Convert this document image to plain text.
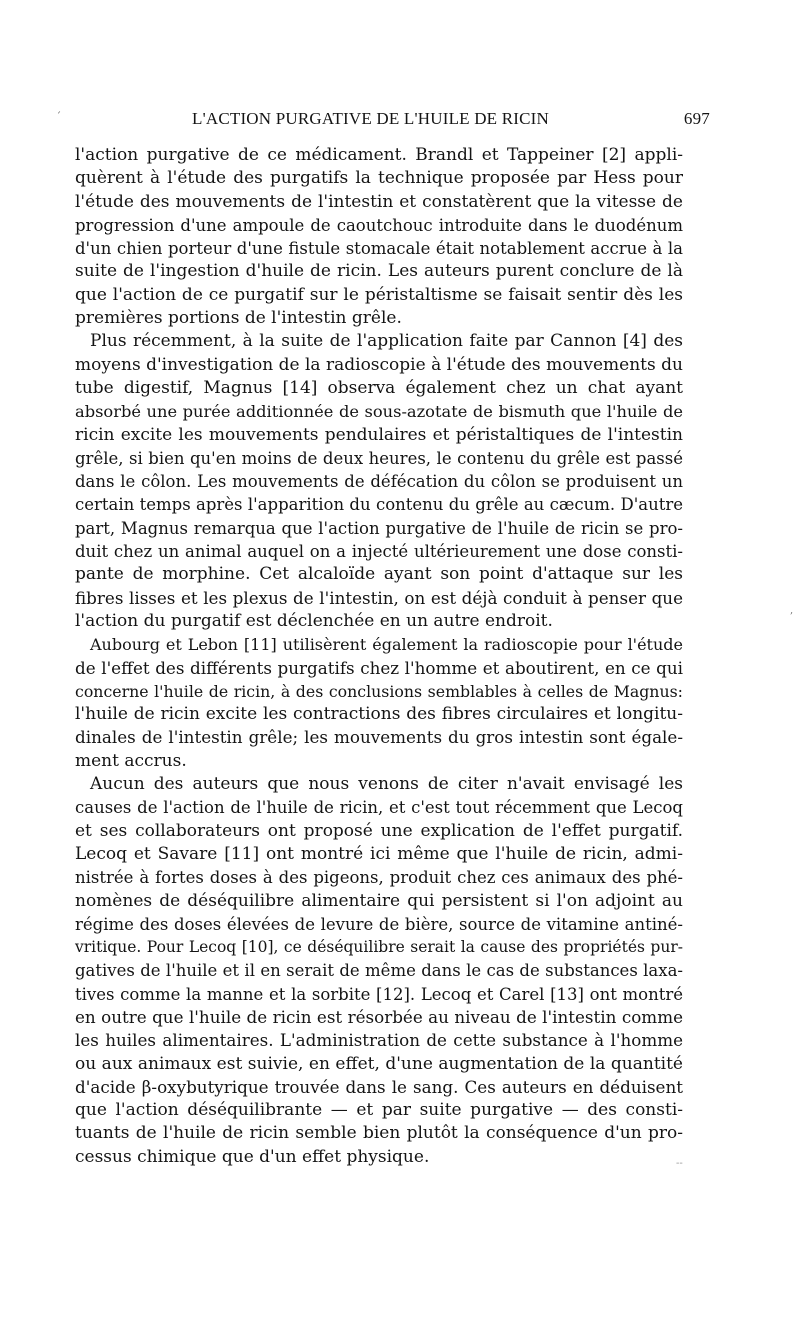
´	L'ACTION PURGATIVE DE L'HUILE DE RICIN	697
l'action purgative de ce médicament. Brandl et Tappeiner [2] appli-
quèrent à l'étude des purgatifs la technique proposée par Hess pour
l'étude des mouvements de l'intestin et constatèrent que la vitesse de
progression d'une ampoule de caoutchouc introduite dans le duodénum
d'un chien porteur d'une fistule stomacale était notablement accrue à la
suite de l'ingestion d'huile de ricin. Les auteurs purent conclure de là
que l'action de ce purgatif sur le péristaltisme se faisait sentir dès les
premières portions de l'intestin grêle.
Plus récemment, à la suite de l'application faite par Cannon [4] des
moyens d'investigation de la radioscopie à l'étude des mouvements du
tube digestif, Magnus [14] observa également chez un chat ayant
absorbé une purée additionnée de sous-azotate de bismuth que l'huile de
ricin excite les mouvements pendulaires et péristaltiques de l'intestin
grêle, si bien qu'en moins de deux heures, le contenu du grêle est passé
dans le côlon. Les mouvements de défécation du côlon se produisent un
certain temps après l'apparition du contenu du grêle au cæcum. D'autre
part, Magnus remarqua que l'action purgative de l'huile de ricin se pro-
duit chez un animal auquel on a injecté ultérieurement une dose consti-
pante de morphine. Cet alcaloïde ayant son point d'attaque sur les
fibres lisses et les plexus de l'intestin, on est déjà conduit à penser que
l'action du purgatif est déclenchée en un autre endroit.
Aubourg et Lebon [11] utilisèrent également la radioscopie pour l'étude
de l'effet des différents purgatifs chez l'homme et aboutirent, en ce qui
concerne l'huile de ricin, à des conclusions semblables à celles de Magnus:
l'huile de ricin excite les contractions des fibres circulaires et longitu-
dinales de l'intestin grêle; les mouvements du gros intestin sont égale-
ment accrus.
Aucun des auteurs que nous venons de citer n'avait envisagé les
causes de l'action de l'huile de ricin, et c'est tout récemment que Lecoq
et ses collaborateurs ont proposé une explication de l'effet purgatif.
Lecoq et Savare [11] ont montré ici même que l'huile de ricin, admi-
nistrée à fortes doses à des pigeons, produit chez ces animaux des phé-
nomènes de déséquilibre alimentaire qui persistent si l'on adjoint au
régime des doses élevées de levure de bière, source de vitamine antiné-
vritique. Pour Lecoq [10], ce déséquilibre serait la cause des propriétés pur-
gatives de l'huile et il en serait de même dans le cas de substances laxa-
tives comme la manne et la sorbite [12]. Lecoq et Carel [13] ont montré
en outre que l'huile de ricin est résorbée au niveau de l'intestin comme
les huiles alimentaires. L'administration de cette substance à l'homme
ou aux animaux est suivie, en effet, d'une augmentation de la quantité
d'acide β-oxybutyrique trouvée dans le sang. Ces auteurs en déduisent
que l'action déséquilibrante — et par suite purgative — des consti-
tuants de l'huile de ricin semble bien plutôt la conséquence d'un pro-
cessus chimique que d'un effet physique.
,
--
